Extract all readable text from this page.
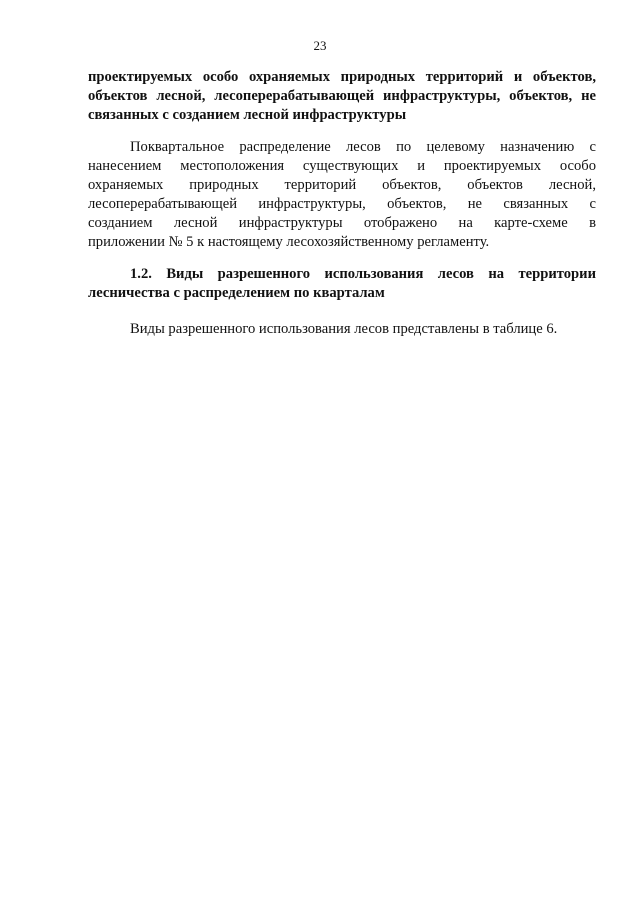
23

проектируемых особо охраняемых природных территорий и объектов,
объектов лесной, лесоперерабатывающей инфраструктуры, объектов, не
связанных с созданием лесной инфраструктуры

Поквартальное распределение лесов по целевому назначению с
нанесением местоположения существующих и проектируемых особо
охраняемых природных территорий объектов, объектов лесной,
лесоперерабатывающей инфраструктуры, объектов, не связанных с
созданием лесной инфраструктуры отображено на карте-схеме в
приложении № 5 к настоящему лесохозяйственному регламенту.

1.2. Виды разрешенного использования лесов на территории
лесничества с распределением по кварталам

Виды разрешенного использования лесов представлены в таблице 6.
